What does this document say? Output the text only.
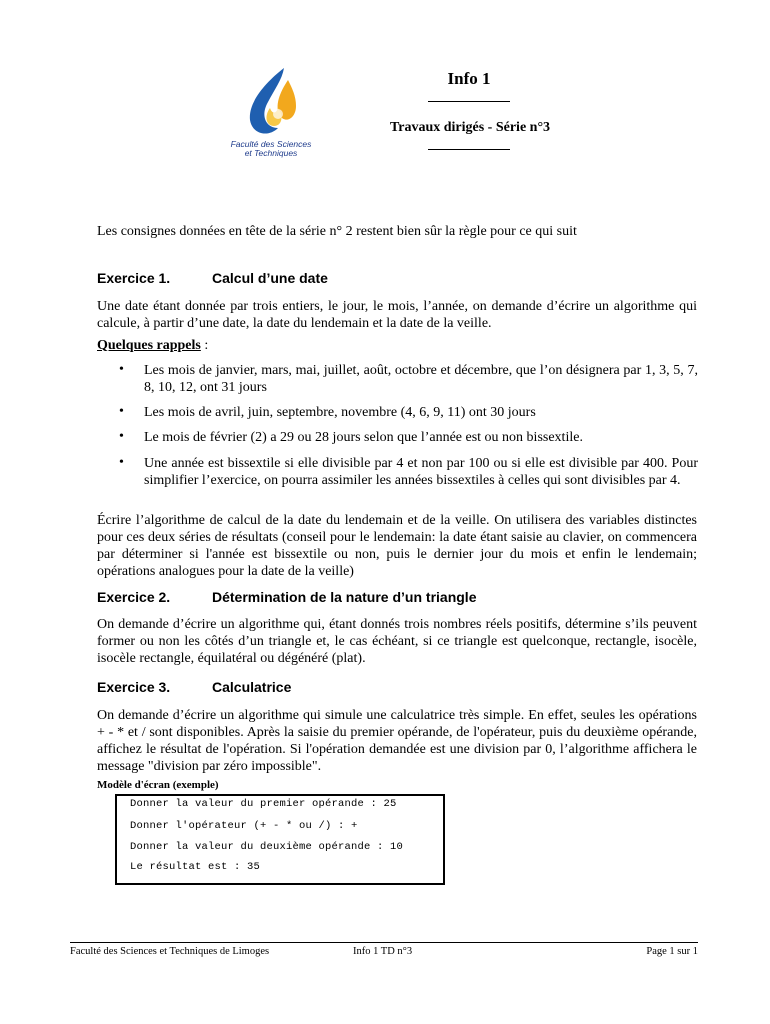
Faculté des Sciences
et Techniques
Info 1
Travaux dirigés - Série n°3
Les consignes données en tête de la série n° 2 restent bien sûr la règle pour ce qui suit
Exercice 1.	Calcul d’une date
Une date étant donnée par trois entiers, le jour, le mois, l’année, on demande d’écrire un algorithme qui calcule, à partir d’une date, la date du lendemain et la date de la veille.
Quelques rappels :
• Les mois de janvier, mars, mai, juillet, août, octobre et décembre, que l’on désignera par 1, 3, 5, 7, 8, 10, 12, ont 31 jours
• Les mois de avril, juin, septembre, novembre (4, 6, 9, 11) ont 30 jours
• Le mois de février (2) a 29 ou 28 jours selon que l’année est ou non bissextile.
• Une année est bissextile si elle divisible par 4 et non par 100 ou si elle est divisible par 400. Pour simplifier l’exercice, on pourra assimiler les années bissextiles à celles qui sont divisibles par 4.
Écrire l’algorithme de calcul de la date du lendemain et de la veille. On utilisera des variables distinctes pour ces deux séries de résultats (conseil pour le lendemain: la date étant saisie au clavier, on commencera par déterminer si l'année est bissextile ou non, puis le dernier jour du mois et enfin le lendemain; opérations analogues pour la date de la veille)
Exercice 2.	Détermination de la nature d’un triangle
On demande d’écrire un algorithme qui, étant donnés trois nombres réels positifs, détermine s’ils peuvent former ou non les côtés d’un triangle et, le cas échéant, si ce triangle est quelconque, rectangle, isocèle, isocèle rectangle, équilatéral ou dégénéré (plat).
Exercice 3.	Calculatrice
On demande d’écrire un algorithme qui simule une calculatrice très simple. En effet, seules les opérations + - * et / sont disponibles. Après la saisie du premier opérande, de l'opérateur, puis du deuxième opérande, affichez le résultat de l'opération. Si l'opération demandée est une division par 0, l’algorithme affichera le message "division par zéro impossible".
Modèle d'écran (exemple)
Donner la valeur du premier opérande : 25
Donner l'opérateur (+ - * ou /) : +
Donner la valeur du deuxième opérande : 10
Le résultat est : 35
Faculté des Sciences et Techniques de Limoges	Info 1 TD n°3	Page 1 sur 1
